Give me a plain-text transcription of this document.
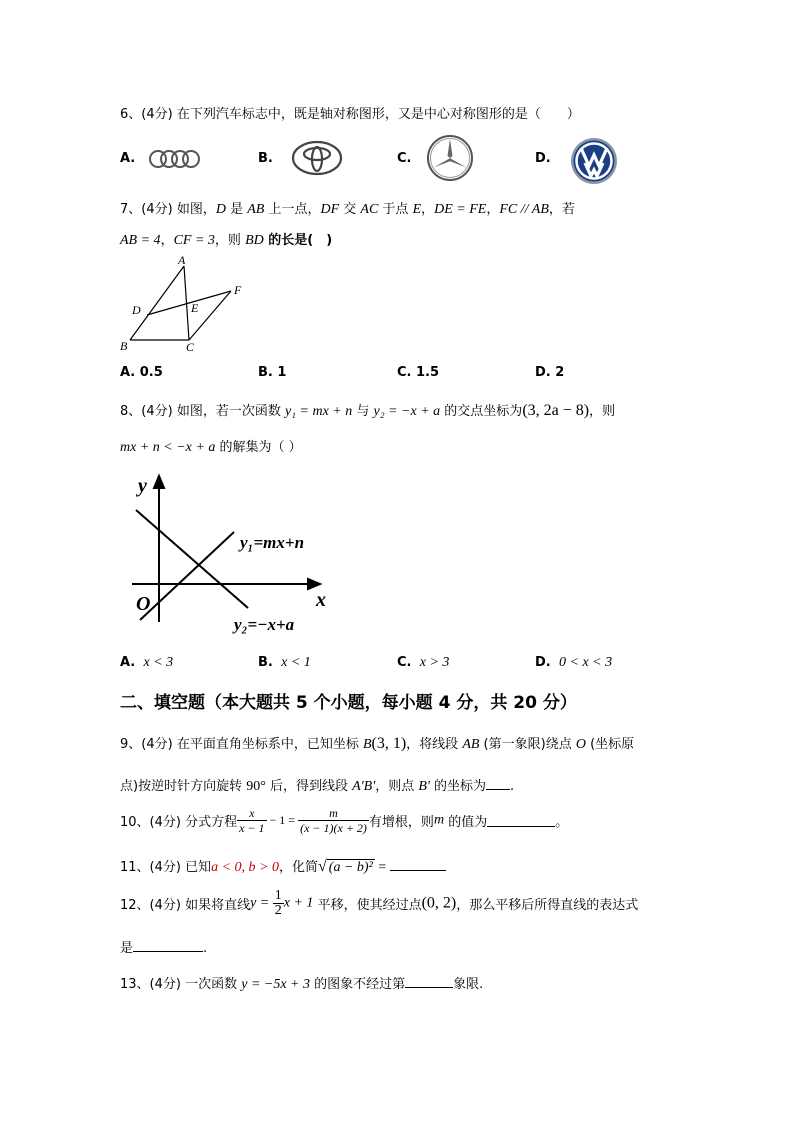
6、(4分) 在下列汽车标志中，既是轴对称图形，又是中心对称图形的是（　　）
A.	B.	C.	D.
7、(4分) 如图，D 是 AB 上一点，DF 交 AC 于点 E，DE = FE，FC // AB，若
AB = 4，CF = 3，则 BD 的长是(　)
A
D	E
F
B	C
A. 0.5	B. 1	C. 1.5	D. 2
8、(4分) 如图，若一次函数 y₁ = mx + n 与 y₂ = −x + a 的交点坐标为(3, 2a − 8)，则
mx + n < −x + a 的解集为（ ）
y
x
O
y₁=mx+n
y₂=−x+a
A. x < 3	B. x < 1	C. x > 3	D. 0 < x < 3
二、填空题（本大题共 5 个小题，每小题 4 分，共 20 分）
9、(4分) 在平面直角坐标系中，已知坐标 B(3, 1)，将线段 AB (第一象限)绕点 O (坐标原
点)按逆时针方向旋转 90° 后，得到线段 A'B'，则点 B' 的坐标为 .
10、(4分) 分式方程 $\frac{x}{x - 1} - 1 = \frac{m}{(x - 1)(x + 2)}$ 有增根，则m 的值为	。
11、(4分) 已知a < 0, b > 0，化简√ (a − b)² =
12、(4分) 如果将直线$y = \frac{1}{2}$ x + 1 平移，使其经过点(0, 2)，那么平移后所得直线的表达式
是	.
13、(4分) 一次函数 y = −5x + 3 的图象不经过第	象限.
